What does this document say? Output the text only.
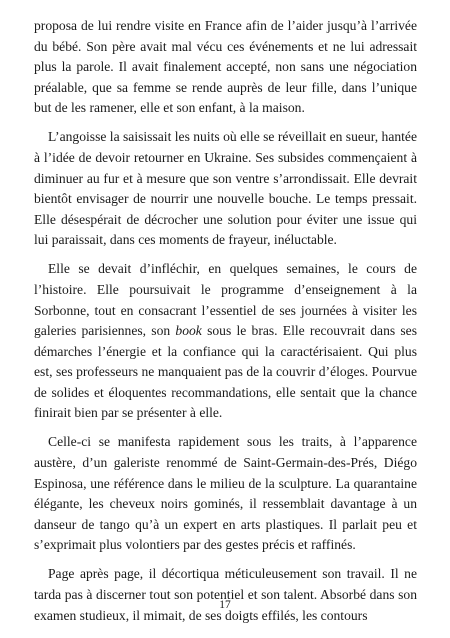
proposa de lui rendre visite en France afin de l’aider jusqu’à l’arrivée du bébé. Son père avait mal vécu ces événements et ne lui adressait plus la parole. Il avait finalement accepté, non sans une négociation préalable, que sa femme se rende auprès de leur fille, dans l’unique but de les ramener, elle et son enfant, à la maison.

L’angoisse la saisissait les nuits où elle se réveillait en sueur, hantée à l’idée de devoir retourner en Ukraine. Ses subsides commençaient à diminuer au fur et à mesure que son ventre s’arrondissait. Elle devrait bientôt envisager de nourrir une nouvelle bouche. Le temps pressait. Elle désespérait de décrocher une solution pour éviter une issue qui lui paraissait, dans ces moments de frayeur, inéluctable.

Elle se devait d’infléchir, en quelques semaines, le cours de l’histoire. Elle poursuivait le programme d’enseignement à la Sorbonne, tout en consacrant l’essentiel de ses journées à visiter les galeries parisiennes, son book sous le bras. Elle recouvrait dans ses démarches l’énergie et la confiance qui la caractérisaient. Qui plus est, ses professeurs ne manquaient pas de la couvrir d’éloges. Pourvue de solides et éloquentes recommandations, elle sentait que la chance finirait bien par se présenter à elle.

Celle-ci se manifesta rapidement sous les traits, à l’apparence austère, d’un galeriste renommé de Saint-Germain-des-Prés, Diégo Espinosa, une référence dans le milieu de la sculpture. La quarantaine élégante, les cheveux noirs gominés, il ressemblait davantage à un danseur de tango qu’à un expert en arts plastiques. Il parlait peu et s’exprimait plus volontiers par des gestes précis et raffinés.

Page après page, il décortiqua méticuleusement son travail. Il ne tarda pas à discerner tout son potentiel et son talent. Absorbé dans son examen studieux, il mimait, de ses doigts effilés, les contours

17
